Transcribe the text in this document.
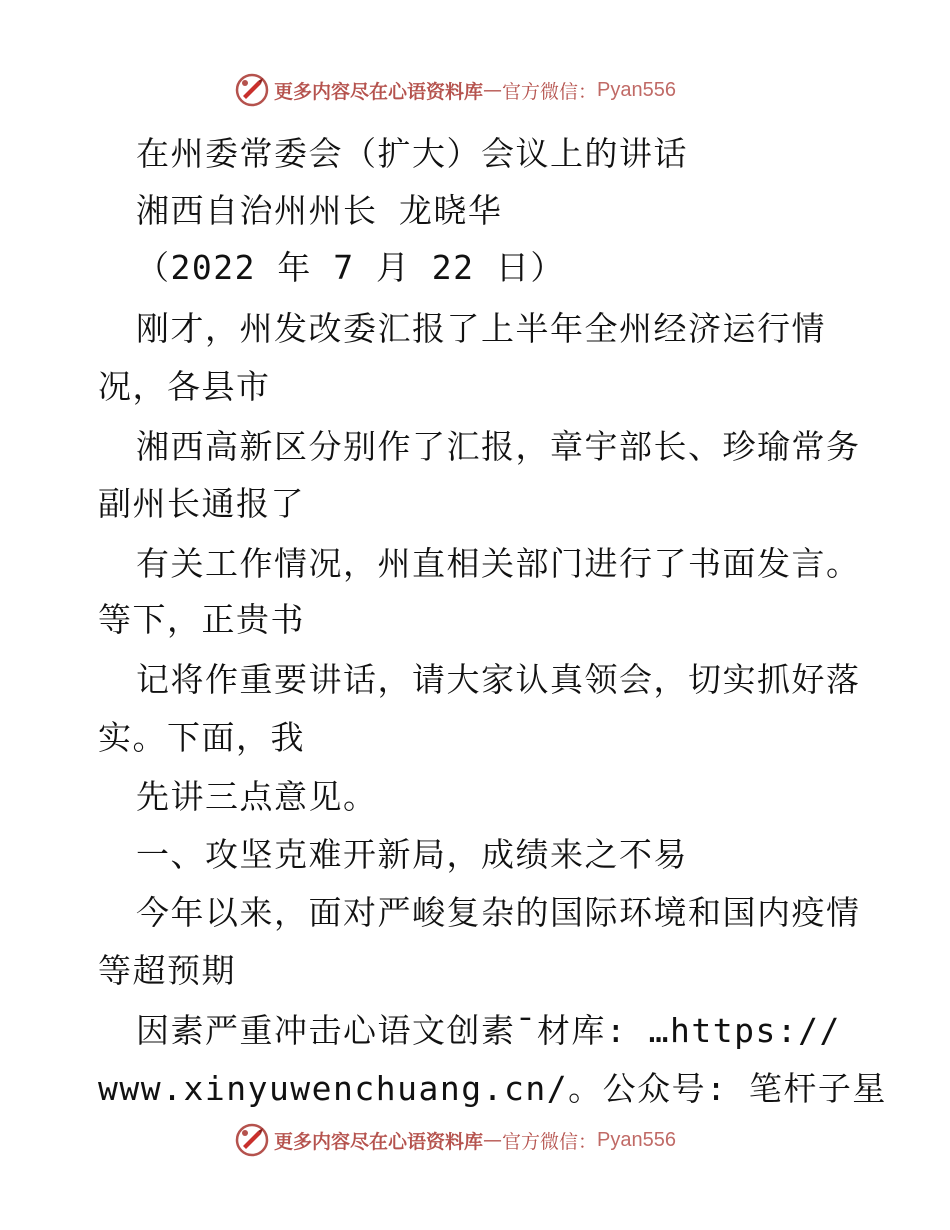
更多内容尽在心语资料库 — 官方微信： Pyan556
在州委常委会（扩大）会议上的讲话
湘西自治州州长 龙晓华
（2022 年 7 月 22 日）
刚才，州发改委汇报了上半年全州经济运行情
况，各县市
湘西高新区分别作了汇报，章宇部长、珍瑜常务
副州长通报了
有关工作情况，州直相关部门进行了书面发言。
等下，正贵书
记将作重要讲话，请大家认真领会，切实抓好落
实。下面，我
先讲三点意见。
一、攻坚克难开新局，成绩来之不易
今年以来，面对严峻复杂的国际环境和国内疫情
等超预期
因素严重冲击心语文创素¯材库: …https://
www.xinyuwenchuang.cn/。公众号: 笔杆子星
更多内容尽在心语资料库 — 官方微信： Pyan556
